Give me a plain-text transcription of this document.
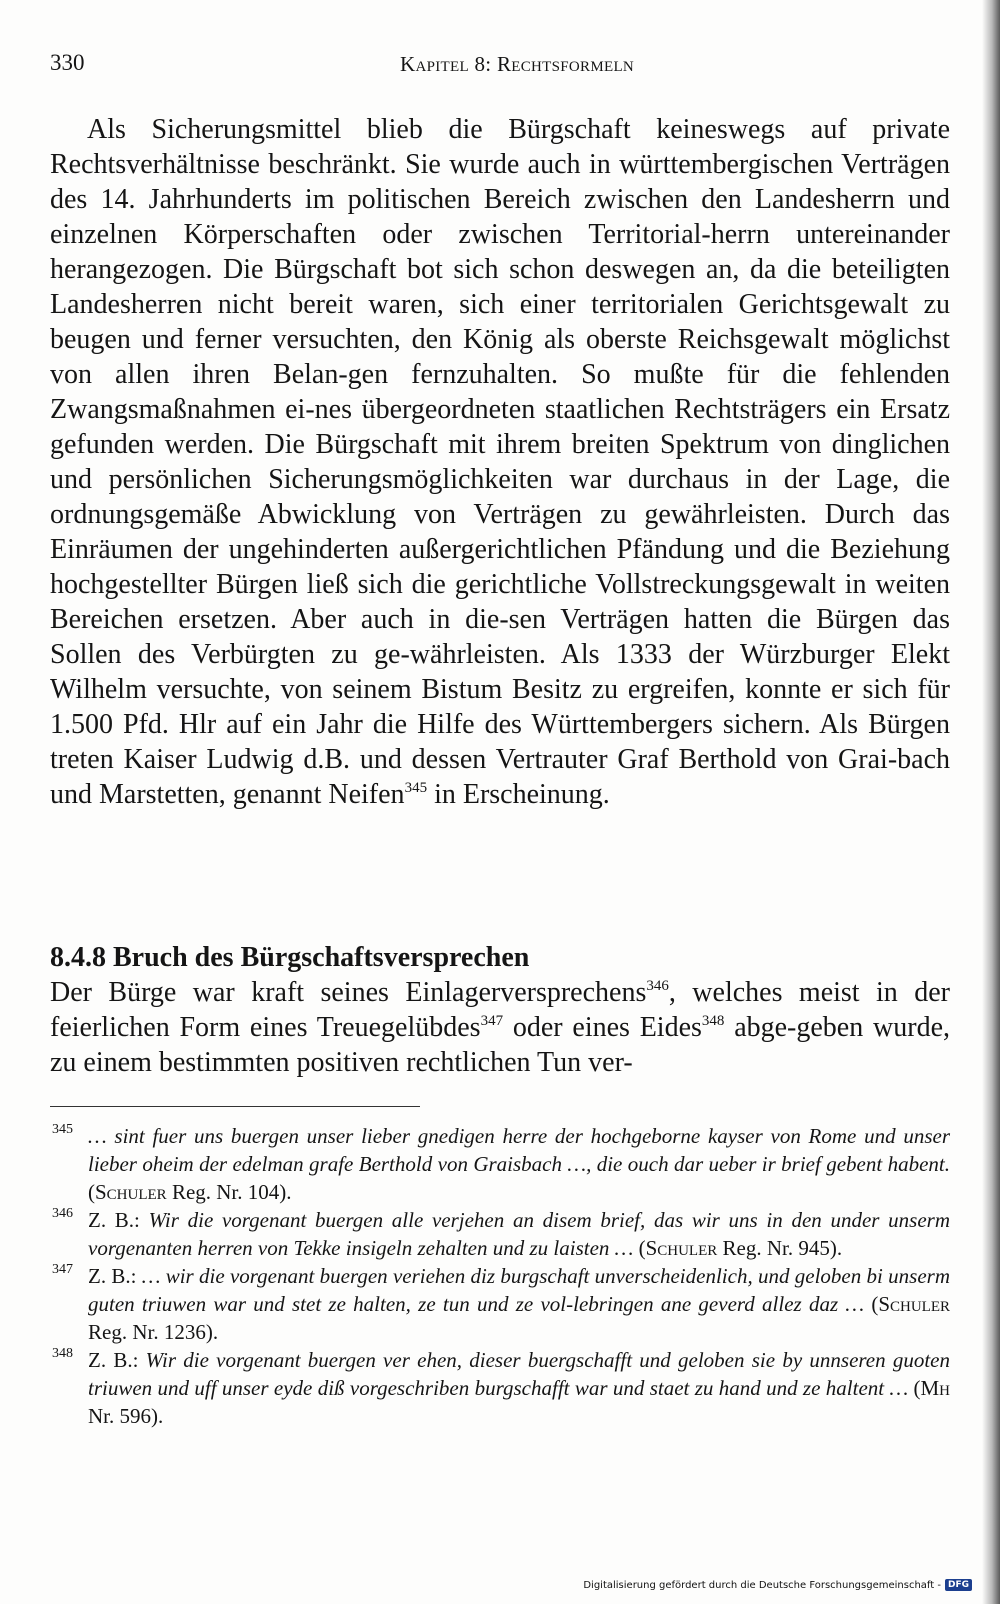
330	Kapitel 8: Rechtsformeln

Als Sicherungsmittel blieb die Bürgschaft keineswegs auf private Rechtsverhältnisse beschränkt. Sie wurde auch in württembergischen Verträgen des 14. Jahrhunderts im politischen Bereich zwischen den Landesherrn und einzelnen Körperschaften oder zwischen Territorial-herrn untereinander herangezogen. Die Bürgschaft bot sich schon deswegen an, da die beteiligten Landesherren nicht bereit waren, sich einer territorialen Gerichtsgewalt zu beugen und ferner versuchten, den König als oberste Reichsgewalt möglichst von allen ihren Belan-gen fernzuhalten. So mußte für die fehlenden Zwangsmaßnahmen ei-nes übergeordneten staatlichen Rechtsträgers ein Ersatz gefunden werden. Die Bürgschaft mit ihrem breiten Spektrum von dinglichen und persönlichen Sicherungsmöglichkeiten war durchaus in der Lage, die ordnungsgemäße Abwicklung von Verträgen zu gewährleisten. Durch das Einräumen der ungehinderten außergerichtlichen Pfändung und die Beziehung hochgestellter Bürgen ließ sich die gerichtliche Vollstreckungsgewalt in weiten Bereichen ersetzen. Aber auch in die-sen Verträgen hatten die Bürgen das Sollen des Verbürgten zu ge-währleisten. Als 1333 der Würzburger Elekt Wilhelm versuchte, von seinem Bistum Besitz zu ergreifen, konnte er sich für 1.500 Pfd. Hlr auf ein Jahr die Hilfe des Württembergers sichern. Als Bürgen treten Kaiser Ludwig d.B. und dessen Vertrauter Graf Berthold von Grai-bach und Marstetten, genannt Neifen$^{345}$ in Erscheinung.

8.4.8 Bruch des Bürgschaftsversprechen

Der Bürge war kraft seines Einlagerversprechens$^{346}$, welches meist in der feierlichen Form eines Treuegelübdes$^{347}$ oder eines Eides$^{348}$ abge-geben wurde, zu einem bestimmten positiven rechtlichen Tun ver-

345 … sint fuer uns buergen unser lieber gnedigen herre der hochgeborne kayser von Rome und unser lieber oheim der edelman grafe Berthold von Graisbach …, die ouch dar ueber ir brief gebent habent. (Schuler Reg. Nr. 104).
346 Z. B.: Wir die vorgenant buergen alle verjehen an disem brief, das wir uns in den under unserm vorgenanten herren von Tekke insigeln zehalten und zu laisten … (Schuler Reg. Nr. 945).
347 Z. B.: … wir die vorgenant buergen veriehen diz burgschaft unverscheidenlich, und geloben bi unserm guten triuwen war und stet ze halten, ze tun und ze vol-lebringen ane geverd allez daz … (Schuler Reg. Nr. 1236).
348 Z. B.: Wir die vorgenant buergen ver ehen, dieser buergschafft und geloben sie by unnseren guoten triuwen und uff unser eyde diß vorgeschriben burgschafft war und staet zu hand und ze haltent … (Mh Nr. 596).
Digitalisierung gefördert durch die Deutsche Forschungsgemeinschaft - DFG
